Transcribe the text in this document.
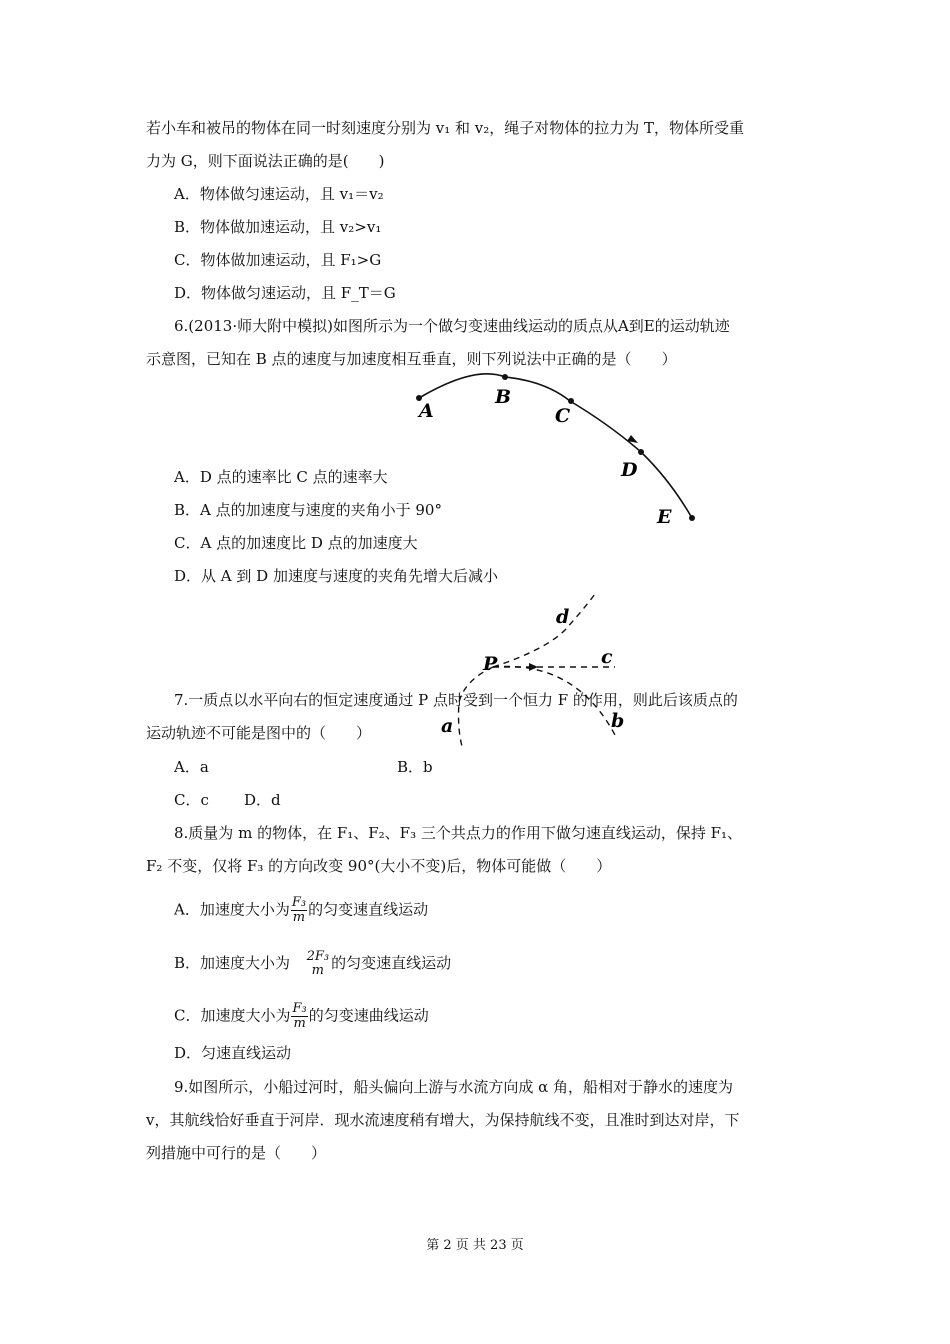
若小车和被吊的物体在同一时刻速度分别为 v₁ 和 v₂，绳子对物体的拉力为 T，物体所受重
力为 G，则下面说法正确的是(　　)
A．物体做匀速运动，且 v₁＝v₂
B．物体做加速运动，且 v₂>v₁
C．物体做加速运动，且 F₁>G
D．物体做匀速运动，且 F_T＝G
6.(2013·师大附中模拟)如图所示为一个做匀变速曲线运动的质点从A到E的运动轨迹
示意图，已知在 B 点的速度与加速度相互垂直，则下列说法中正确的是（　　）
A
B
C
D
E
A．D 点的速率比 C 点的速率大
B．A 点的加速度与速度的夹角小于 90°
C．A 点的加速度比 D 点的加速度大
D．从 A 到 D 加速度与速度的夹角先增大后减小
7.一质点以水平向右的恒定速度通过 P 点时受到一个恒力 F 的作用，则此后该质点的
运动轨迹不可能是图中的（　　）
P
a	b
c
d
A．a	B．b
C．c D．d
8.质量为 m 的物体，在 F₁、F₂、F₃ 三个共点力的作用下做匀速直线运动，保持 F₁、
F₂ 不变，仅将 F₃ 的方向改变 90°(大小不变)后，物体可能做（　　）
A．加速度大小为 $\frac{\text{F₃}}{m}$ 的匀变速直线运动
B．加速度大小为 2F₃
m 的匀变速直线运动
C．加速度大小为 $\frac{\text{F₃}}{m}$ 的匀变速曲线运动
D．匀速直线运动
9.如图所示，小船过河时，船头偏向上游与水流方向成 α 角，船相对于静水的速度为
v，其航线恰好垂直于河岸．现水流速度稍有增大，为保持航线不变，且准时到达对岸，下
列措施中可行的是（　　）
第 2 页 共 23 页
